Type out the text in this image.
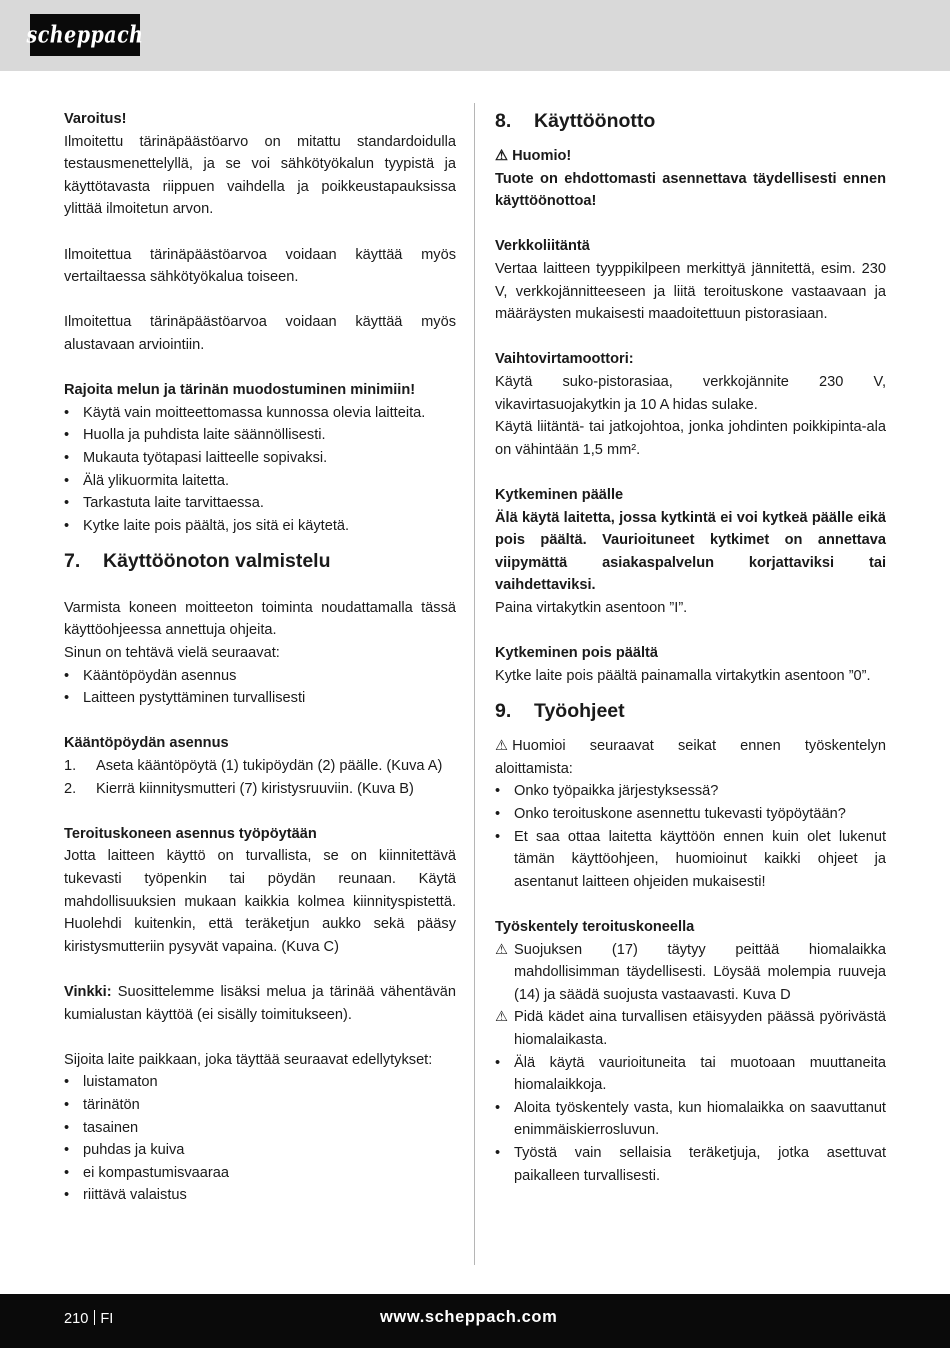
scheppach

Varoitus!

Ilmoitettu tärinäpäästöarvo on mitattu standardoidulla testausmenettelyllä, ja se voi sähkötyökalun tyypistä ja käyttötavasta riippuen vaihdella ja poikkeustapauksissa ylittää ilmoitetun arvon.

Ilmoitettua tärinäpäästöarvoa voidaan käyttää myös vertailtaessa sähkötyökalua toiseen.

Ilmoitettua tärinäpäästöarvoa voidaan käyttää myös alustavaan arviointiin.

Rajoita melun ja tärinän muodostuminen minimiin!

• Käytä vain moitteettomassa kunnossa olevia laitteita.
• Huolla ja puhdista laite säännöllisesti.
• Mukauta työtapasi laitteelle sopivaksi.
• Älä ylikuormita laitetta.
• Tarkastuta laite tarvittaessa.
• Kytke laite pois päältä, jos sitä ei käytetä.
7.	Käyttöönoton valmistelu

Varmista koneen moitteeton toiminta noudattamalla tässä käyttöohjeessa annettuja ohjeita.

Sinun on tehtävä vielä seuraavat:

• Kääntöpöydän asennus
• Laitteen pystyttäminen turvallisesti

Kääntöpöydän asennus

1. Aseta kääntöpöytä (1) tukipöydän (2) päälle. (Kuva A)
2. Kierrä kiinnitysmutteri (7) kiristysruuviin. (Kuva B)

Teroituskoneen asennus työpöytään

Jotta laitteen käyttö on turvallista, se on kiinnitettävä tukevasti työpenkin tai pöydän reunaan. Käytä mahdollisuuksien mukaan kaikkia kolmea kiinnityspistettä. Huolehdi kuitenkin, että teräketjun aukko sekä pääsy kiristysmutteriin pysyvät vapaina. (Kuva C)

Vinkki: Suosittelemme lisäksi melua ja tärinää vähentävän kumialustan käyttöä (ei sisälly toimitukseen).

Sijoita laite paikkaan, joka täyttää seuraavat edellytykset:

• luistamaton
• tärinätön
• tasainen
• puhdas ja kuiva
• ei kompastumisvaaraa
• riittävä valaistus
8.	Käyttöönotto

⚠ Huomio!

Tuote on ehdottomasti asennettava täydellisesti ennen käyttöönottoa!

Verkkoliitäntä

Vertaa laitteen tyyppikilpeen merkittyä jännitettä, esim. 230 V, verkkojännitteeseen ja liitä teroituskone vastaavaan ja määräysten mukaisesti maadoitettuun pistorasiaan.

Vaihtovirtamoottori:

Käytä suko-pistorasiaa, verkkojännite 230 V, vikavirtasuojakytkin ja 10 A hidas sulake.

Käytä liitäntä- tai jatkojohtoa, jonka johdinten poikkipinta-ala on vähintään 1,5 mm².

Kytkeminen päälle

Älä käytä laitetta, jossa kytkintä ei voi kytkeä päälle eikä pois päältä. Vaurioituneet kytkimet on annettava viipymättä asiakaspalvelun korjattaviksi tai vaihdettaviksi.

Paina virtakytkin asentoon ”I”.

Kytkeminen pois päältä

Kytke laite pois päältä painamalla virtakytkin asentoon ”0”.

9.	Työohjeet

⚠ Huomioi seuraavat seikat ennen työskentelyn aloittamista:

• Onko työpaikka järjestyksessä?
• Onko teroituskone asennettu tukevasti työpöytään?
• Et saa ottaa laitetta käyttöön ennen kuin olet lukenut tämän käyttöohjeen, huomioinut kaikki ohjeet ja asentanut laitteen ohjeiden mukaisesti!

Työskentely teroituskoneella

⚠ Suojuksen (17) täytyy peittää hiomalaikka mahdollisimman täydellisesti. Löysää molempia ruuveja (14) ja säädä suojusta vastaavasti. Kuva D
⚠ Pidä kädet aina turvallisen etäisyyden päässä pyörivästä hiomalaikasta.
• Älä käytä vaurioituneita tai muotoaan muuttaneita hiomalaikkoja.
• Aloita työskentely vasta, kun hiomalaikka on saavuttanut enimmäiskierrosluvun.
• Työstä vain sellaisia teräketjuja, jotka asettuvat paikalleen turvallisesti.
210 FI	www.scheppach.com
